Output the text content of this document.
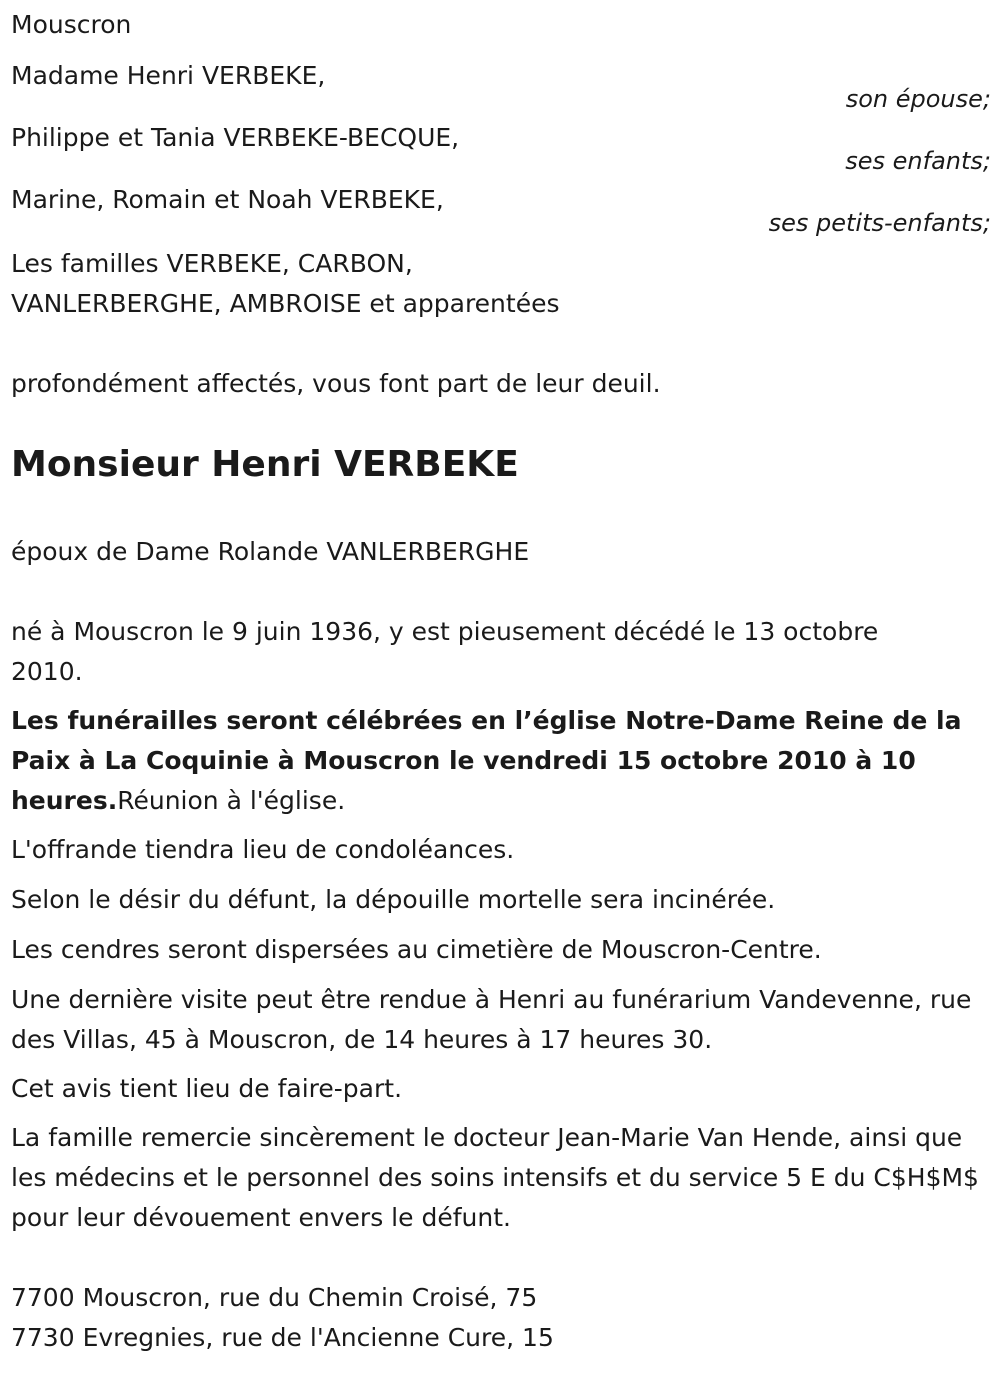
Mouscron
Madame Henri VERBEKE,
son épouse;
Philippe et Tania VERBEKE-BECQUE,
ses enfants;
Marine, Romain et Noah VERBEKE,
ses petits-enfants;
Les familles VERBEKE, CARBON,
VANLERBERGHE, AMBROISE et apparentées
profondément affectés, vous font part de leur deuil.
Monsieur Henri VERBEKE
époux de Dame Rolande VANLERBERGHE

né à Mouscron le 9 juin 1936, y est pieusement décédé le 13 octobre 2010.

Les funérailles seront célébrées en l’église Notre-Dame Reine de la Paix à La Coquinie à Mouscron le vendredi 15 octobre 2010 à 10 heures.Réunion à l'église.

L'offrande tiendra lieu de condoléances.
Selon le désir du défunt, la dépouille mortelle sera incinérée.
Les cendres seront dispersées au cimetière de Mouscron-Centre.

Une dernière visite peut être rendue à Henri au funérarium Vandevenne, rue des Villas, 45 à Mouscron, de 14 heures à 17 heures 30.

Cet avis tient lieu de faire-part.

La famille remercie sincèrement le docteur Jean-Marie Van Hende, ainsi que les médecins et le personnel des soins intensifs et du service 5 E du C$H$M$ pour leur dévouement envers le défunt.

7700 Mouscron, rue du Chemin Croisé, 75
7730 Evregnies, rue de l'Ancienne Cure, 15
